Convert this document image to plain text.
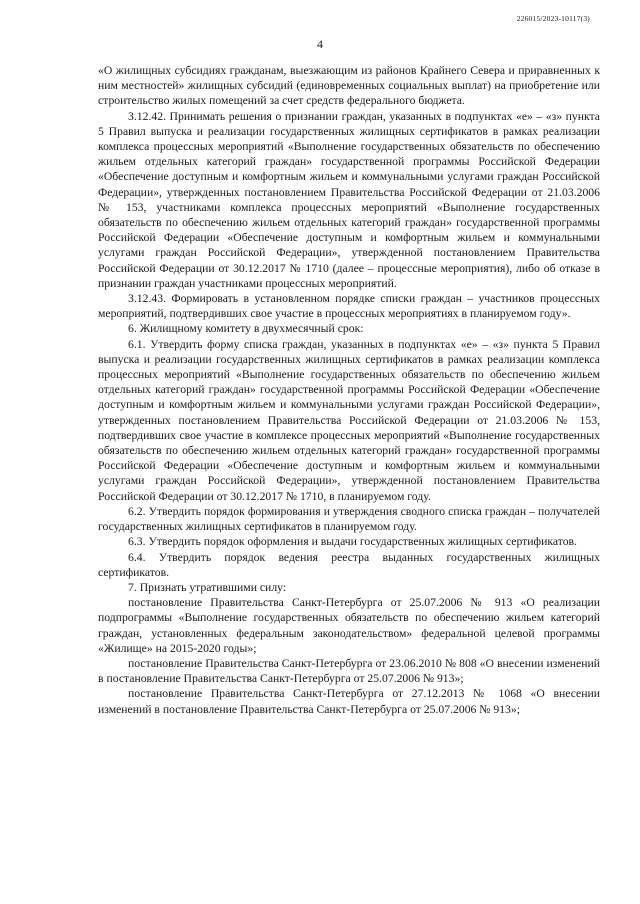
226015/2023-10117(3)
4

«О жилищных субсидиях гражданам, выезжающим из районов Крайнего Севера и приравненных к ним местностей» жилищных субсидий (единовременных социальных выплат) на приобретение или строительство жилых помещений за счет средств федерального бюджета.

3.12.42. Принимать решения о признании граждан, указанных в подпунктах «е» – «з» пункта 5 Правил выпуска и реализации государственных жилищных сертификатов в рамках реализации комплекса процессных мероприятий «Выполнение государственных обязательств по обеспечению жильем отдельных категорий граждан» государственной программы Российской Федерации «Обеспечение доступным и комфортным жильем и коммунальными услугами граждан Российской Федерации», утвержденных постановлением Правительства Российской Федерации от 21.03.2006 № 153, участниками комплекса процессных мероприятий «Выполнение государственных обязательств по обеспечению жильем отдельных категорий граждан» государственной программы Российской Федерации «Обеспечение доступным и комфортным жильем и коммунальными услугами граждан Российской Федерации», утвержденной постановлением Правительства Российской Федерации от 30.12.2017 № 1710 (далее – процессные мероприятия), либо об отказе в признании граждан участниками процессных мероприятий.

3.12.43. Формировать в установленном порядке списки граждан – участников процессных мероприятий, подтвердивших свое участие в процессных мероприятиях в планируемом году».

6. Жилищному комитету в двухмесячный срок:

6.1. Утвердить форму списка граждан, указанных в подпунктах «е» – «з» пункта 5 Правил выпуска и реализации государственных жилищных сертификатов в рамках реализации комплекса процессных мероприятий «Выполнение государственных обязательств по обеспечению жильем отдельных категорий граждан» государственной программы Российской Федерации «Обеспечение доступным и комфортным жильем и коммунальными услугами граждан Российской Федерации», утвержденных постановлением Правительства Российской Федерации от 21.03.2006 № 153, подтвердивших свое участие в комплексе процессных мероприятий «Выполнение государственных обязательств по обеспечению жильем отдельных категорий граждан» государственной программы Российской Федерации «Обеспечение доступным и комфортным жильем и коммунальными услугами граждан Российской Федерации», утвержденной постановлением Правительства Российской Федерации от 30.12.2017 № 1710, в планируемом году.

6.2. Утвердить порядок формирования и утверждения сводного списка граждан – получателей государственных жилищных сертификатов в планируемом году.

6.3. Утвердить порядок оформления и выдачи государственных жилищных сертификатов.

6.4. Утвердить порядок ведения реестра выданных государственных жилищных сертификатов.

7. Признать утратившими силу:

постановление Правительства Санкт-Петербурга от 25.07.2006 № 913 «О реализации подпрограммы «Выполнение государственных обязательств по обеспечению жильем категорий граждан, установленных федеральным законодательством» федеральной целевой программы «Жилище» на 2015-2020 годы»;

постановление Правительства Санкт-Петербурга от 23.06.2010 № 808 «О внесении изменений в постановление Правительства Санкт-Петербурга от 25.07.2006 № 913»;

постановление Правительства Санкт-Петербурга от 27.12.2013 № 1068 «О внесении изменений в постановление Правительства Санкт-Петербурга от 25.07.2006 № 913»;
